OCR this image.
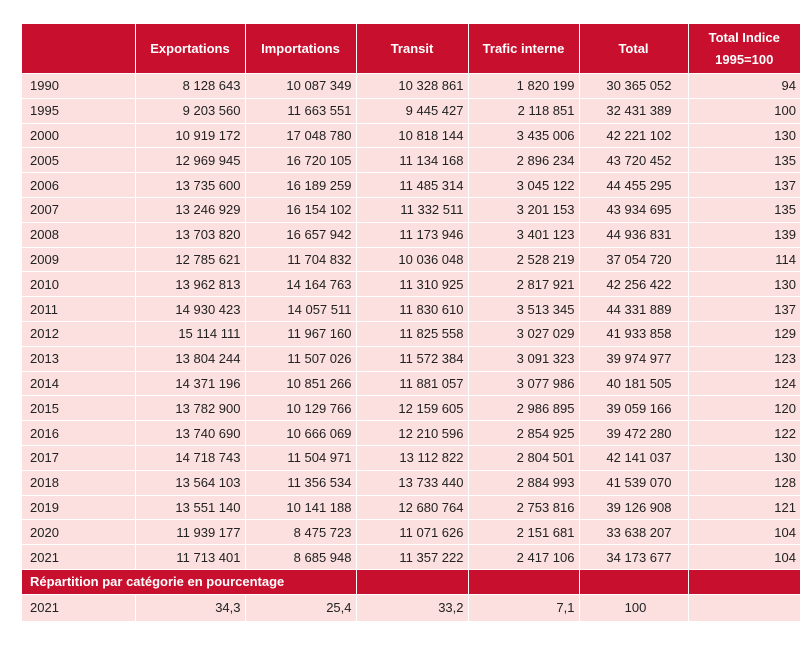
	Exportations	Importations	Transit	Trafic interne	Total	Total Indice 1995=100
1990	8 128 643	10 087 349	10 328 861	1 820 199	30 365 052	94
1995	9 203 560	11 663 551	9 445 427	2 118 851	32 431 389	100
2000	10 919 172	17 048 780	10 818 144	3 435 006	42 221 102	130
2005	12 969 945	16 720 105	11 134 168	2 896 234	43 720 452	135
2006	13 735 600	16 189 259	11 485 314	3 045 122	44 455 295	137
2007	13 246 929	16 154 102	11 332 511	3 201 153	43 934 695	135
2008	13 703 820	16 657 942	11 173 946	3 401 123	44 936 831	139
2009	12 785 621	11 704 832	10 036 048	2 528 219	37 054 720	114
2010	13 962 813	14 164 763	11 310 925	2 817 921	42 256 422	130
2011	14 930 423	14 057 511	11 830 610	3 513 345	44 331 889	137
2012	15 114 111	11 967 160	11 825 558	3 027 029	41 933 858	129
2013	13 804 244	11 507 026	11 572 384	3 091 323	39 974 977	123
2014	14 371 196	10 851 266	11 881 057	3 077 986	40 181 505	124
2015	13 782 900	10 129 766	12 159 605	2 986 895	39 059 166	120
2016	13 740 690	10 666 069	12 210 596	2 854 925	39 472 280	122
2017	14 718 743	11 504 971	13 112 822	2 804 501	42 141 037	130
2018	13 564 103	11 356 534	13 733 440	2 884 993	41 539 070	128
2019	13 551 140	10 141 188	12 680 764	2 753 816	39 126 908	121
2020	11 939 177	8 475 723	11 071 626	2 151 681	33 638 207	104
2021	11 713 401	8 685 948	11 357 222	2 417 106	34 173 677	104
Répartition par catégorie en pourcentage						
2021	34,3	25,4	33,2	7,1	100	
